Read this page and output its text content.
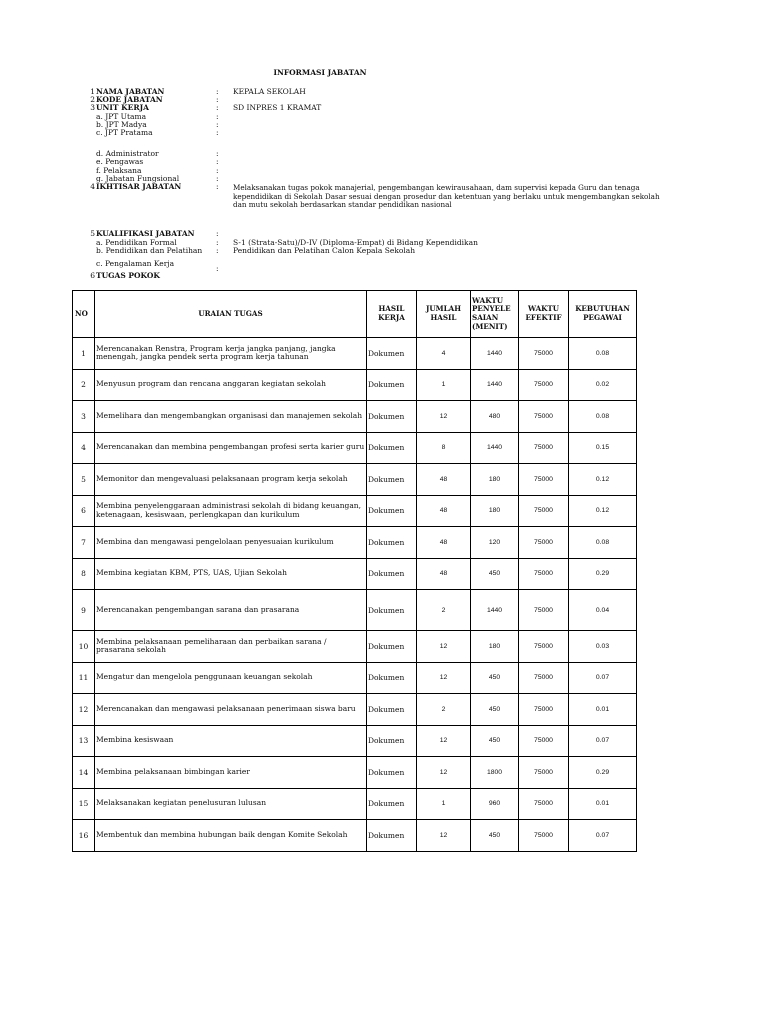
INFORMASI JABATAN
1 NAMA JABATAN	: KEPALA SEKOLAH
2 KODE JABATAN	:
3 UNIT KERJA	: SD INPRES 1 KRAMAT
a. JPT Utama	:
b. JPT Madya	:
c. JPT Pratama	:
d. Administrator	:
e. Pengawas	:
f. Pelaksana	:
g. Jabatan Fungsional	:
4 IKHTISAR JABATAN	: Melaksanakan tugas pokok manajerial, pengembangan kewirausahaan, dam supervisi kepada Guru dan tenaga kependidikan di Sekolah Dasar sesuai dengan prosedur dan ketentuan yang berlaku untuk mengembangkan sekolah dan mutu sekolah berdasarkan standar pendidikan nasional
5 KUALIFIKASI JABATAN	:
a. Pendidikan Formal	: S-1 (Strata-Satu)/D-IV (Diploma-Empat) di Bidang Kependidikan
b. Pendidikan dan Pelatihan : Pendidikan dan Pelatihan Calon Kepala Sekolah
c. Pengalaman Kerja
:
6 TUGAS POKOK
NO	URAIAN TUGAS	HASIL KERJA	JUMLAH HASIL	WAKTU PENYELE SAIAN (MENIT)	WAKTU EFEKTIF	KEBUTUHAN PEGAWAI
1	Merencanakan Renstra, Program kerja jangka panjang, jangka menengah, jangka pendek serta program kerja tahunan	Dokumen	4	1440	75000	0.08
2	Menyusun program dan rencana anggaran kegiatan sekolah	Dokumen	1	1440	75000	0.02
3	Memelihara dan mengembangkan organisasi dan manajemen sekolah	Dokumen	12	480	75000	0.08
4	Merencanakan dan membina pengembangan profesi serta karier guru	Dokumen	8	1440	75000	0.15
5	Memonitor dan mengevaluasi pelaksanaan program kerja sekolah	Dokumen	48	180	75000	0.12
6	Membina penyelenggaraan administrasi sekolah di bidang keuangan, ketenagaan, kesiswaan, perlengkapan dan kurikulum	Dokumen	48	180	75000	0.12
7	Membina dan mengawasi pengelolaan penyesuaian kurikulum	Dokumen	48	120	75000	0.08
8	Membina kegiatan KBM, PTS, UAS, Ujian Sekolah	Dokumen	48	450	75000	0.29
9	Merencanakan pengembangan sarana dan prasarana	Dokumen	2	1440	75000	0.04
10	Membina pelaksanaan pemeliharaan dan perbaikan sarana / prasarana sekolah	Dokumen	12	180	75000	0.03
11	Mengatur dan mengelola penggunaan keuangan sekolah	Dokumen	12	450	75000	0.07
12	Merencanakan dan mengawasi pelaksanaan penerimaan siswa baru	Dokumen	2	450	75000	0.01
13	Membina kesiswaan	Dokumen	12	450	75000	0.07
14	Membina pelaksanaan bimbingan karier	Dokumen	12	1800	75000	0.29
15	Melaksanakan kegiatan penelusuran lulusan	Dokumen	1	960	75000	0.01
16	Membentuk dan membina hubungan baik dengan Komite Sekolah	Dokumen	12	450	75000	0.07
